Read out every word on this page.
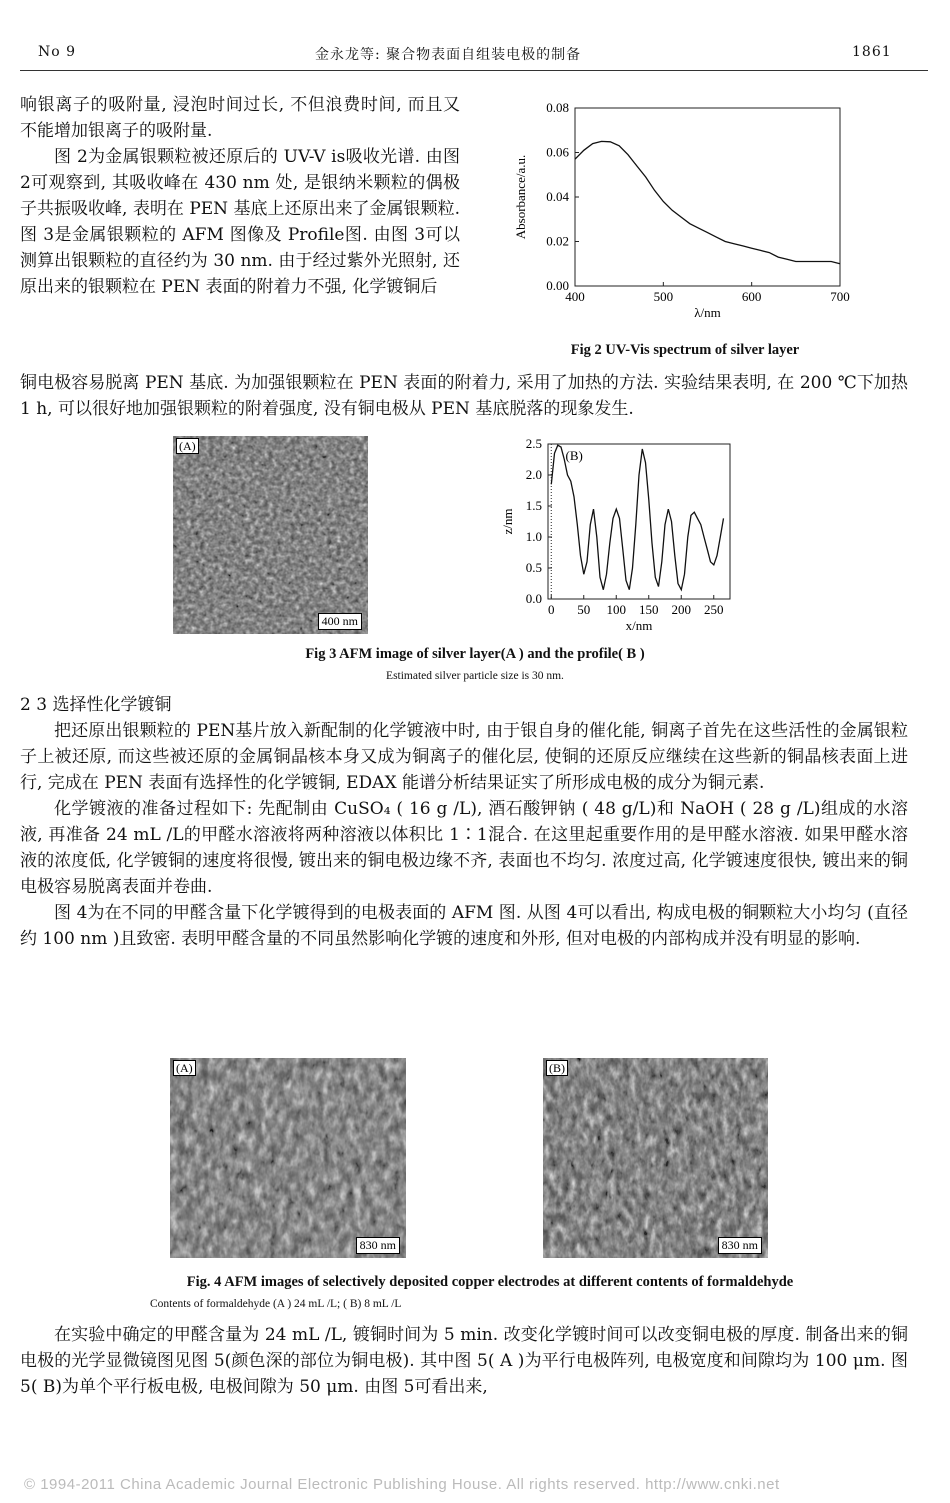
No 9	金永龙等: 聚合物表面自组装电极的制备	1861

响银离子的吸附量, 浸泡时间过长, 不但浪费时间, 而且又不能增加银离子的吸附量.

图 2为金属银颗粒被还原后的 UV-V is吸收光谱. 由图 2可观察到, 其吸收峰在 430 nm 处, 是银纳米颗粒的偶极子共振吸收峰, 表明在 PEN 基底上还原出来了金属银颗粒. 图 3是金属银颗粒的 AFM 图像及 Profile图. 由图 3可以测算出银颗粒的直径约为 30 nm. 由于经过紫外光照射, 还原出来的银颗粒在 PEN 表面的附着力不强, 化学镀铜后	0.00
0.02
0.04
0.06
0.08
400	500	600	700
λ/nm
Absorbance/a.u.
Fig 2 UV-Vis spectrum of silver layer

铜电极容易脱离 PEN 基底. 为加强银颗粒在 PEN 表面的附着力, 采用了加热的方法. 实验结果表明, 在 200 ℃下加热 1 h, 可以很好地加强银颗粒的附着强度, 没有铜电极从 PEN 基底脱落的现象发生.

(A)
400 nm
0.0
0.5
1.0
1.5
2.0
2.5
0 50 100 150 200 250
x/nm
z/nm
(B)
Fig 3 AFM image of silver layer(A ) and the profile( B )
Estimated silver particle size is 30 nm.
2 3 选择性化学镀铜

把还原出银颗粒的 PEN基片放入新配制的化学镀液中时, 由于银自身的催化能, 铜离子首先在这些活性的金属银粒子上被还原, 而这些被还原的金属铜晶核本身又成为铜离子的催化层, 使铜的还原反应继续在这些新的铜晶核表面上进行, 完成在 PEN 表面有选择性的化学镀铜, EDAX 能谱分析结果证实了所形成电极的成分为铜元素.

化学镀液的准备过程如下: 先配制由 CuSO₄ ( 16 g /L), 酒石酸钾钠 ( 48 g/L)和 NaOH ( 28 g /L)组成的水溶液, 再准备 24 mL /L的甲醛水溶液将两种溶液以体积比 1∶1混合. 在这里起重要作用的是甲醛水溶液. 如果甲醛水溶液的浓度低, 化学镀铜的速度将很慢, 镀出来的铜电极边缘不齐, 表面也不均匀. 浓度过高, 化学镀速度很快, 镀出来的铜电极容易脱离表面并卷曲.

图 4为在不同的甲醛含量下化学镀得到的电极表面的 AFM 图. 从图 4可以看出, 构成电极的铜颗粒大小均匀 (直径约 100 nm )且致密. 表明甲醛含量的不同虽然影响化学镀的速度和外形, 但对电极的内部构成并没有明显的影响.

(A)
830 nm
(B)
830 nm
Fig. 4 AFM images of selectively deposited copper electrodes at different contents of formaldehyde
Contents of formaldehyde (A ) 24 mL /L; ( B) 8 mL /L

在实验中确定的甲醛含量为 24 mL /L, 镀铜时间为 5 min. 改变化学镀时间可以改变铜电极的厚度. 制备出来的铜电极的光学显微镜图见图 5(颜色深的部位为铜电极). 其中图 5( A )为平行电极阵列, 电极宽度和间隙均为 100 μm. 图 5( B)为单个平行板电极, 电极间隙为 50 μm. 由图 5可看出来,

© 1994-2011 China Academic Journal Electronic Publishing House. All rights reserved. http://www.cnki.net
